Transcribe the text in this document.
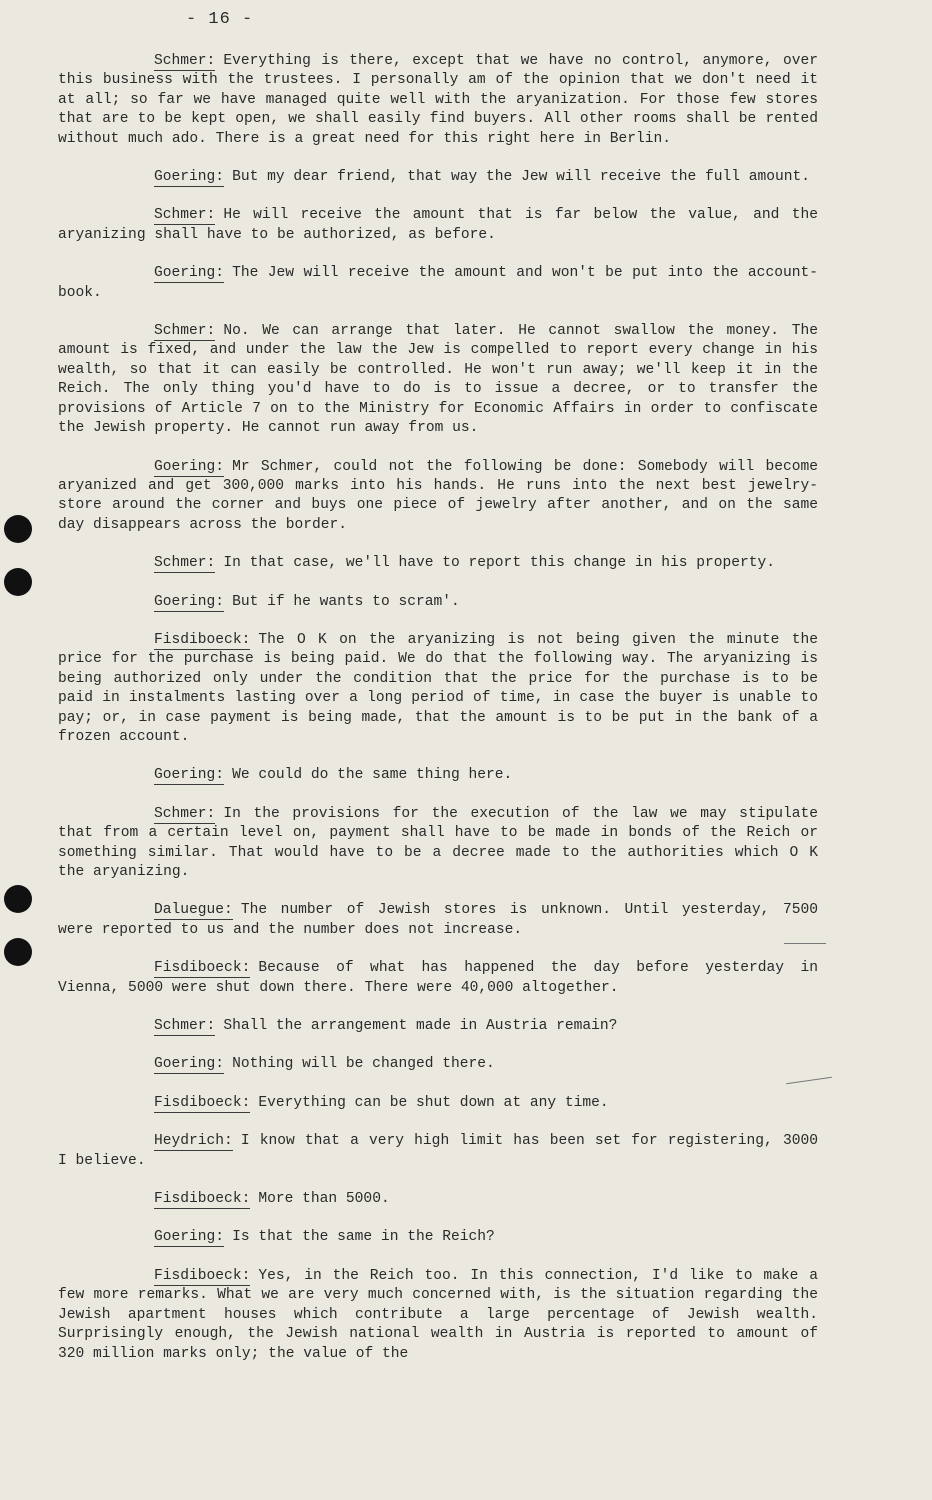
- 16 -

Schmer: Everything is there, except that we have no control, anymore, over this business with the trustees. I personally am of the opinion that we don't need it at all; so far we have managed quite well with the aryanization. For those few stores that are to be kept open, we shall easily find buyers. All other rooms shall be rented without much ado. There is a great need for this right here in Berlin.

Goering: But my dear friend, that way the Jew will receive the full amount.

Schmer: He will receive the amount that is far below the value, and the aryanizing shall have to be authorized, as before.

Goering: The Jew will receive the amount and won't be put into the account-book.

Schmer: No. We can arrange that later. He cannot swallow the money. The amount is fixed, and under the law the Jew is compelled to report every change in his wealth, so that it can easily be controlled. He won't run away; we'll keep it in the Reich. The only thing you'd have to do is to issue a decree, or to transfer the provisions of Article 7 on to the Ministry for Economic Affairs in order to confiscate the Jewish property. He cannot run away from us.

Goering: Mr Schmer, could not the following be done: Somebody will become aryanized and get 300,000 marks into his hands. He runs into the next best jewelry-store around the corner and buys one piece of jewelry after another, and on the same day disappears across the border.

Schmer: In that case, we'll have to report this change in his property.

Goering: But if he wants to scram'.

Fisdiboeck: The O K on the aryanizing is not being given the minute the price for the purchase is being paid. We do that the following way. The aryanizing is being authorized only under the condition that the price for the purchase is to be paid in instalments lasting over a long period of time, in case the buyer is unable to pay; or, in case payment is being made, that the amount is to be put in the bank of a frozen account.

Goering: We could do the same thing here.

Schmer: In the provisions for the execution of the law we may stipulate that from a certain level on, payment shall have to be made in bonds of the Reich or something similar. That would have to be a decree made to the authorities which O K the aryanizing.

Daluegue: The number of Jewish stores is unknown. Until yesterday, 7500 were reported to us and the number does not increase.

Fisdiboeck: Because of what has happened the day before yesterday in Vienna, 5000 were shut down there. There were 40,000 altogether.

Schmer: Shall the arrangement made in Austria remain?

Goering: Nothing will be changed there.

Fisdiboeck: Everything can be shut down at any time.

Heydrich: I know that a very high limit has been set for registering, 3000 I believe.

Fisdiboeck: More than 5000.

Goering: Is that the same in the Reich?

Fisdiboeck: Yes, in the Reich too. In this connection, I'd like to make a few more remarks. What we are very much concerned with, is the situation regarding the Jewish apartment houses which contribute a large percentage of Jewish wealth. Surprisingly enough, the Jewish national wealth in Austria is reported to amount of 320 million marks only; the value of the
